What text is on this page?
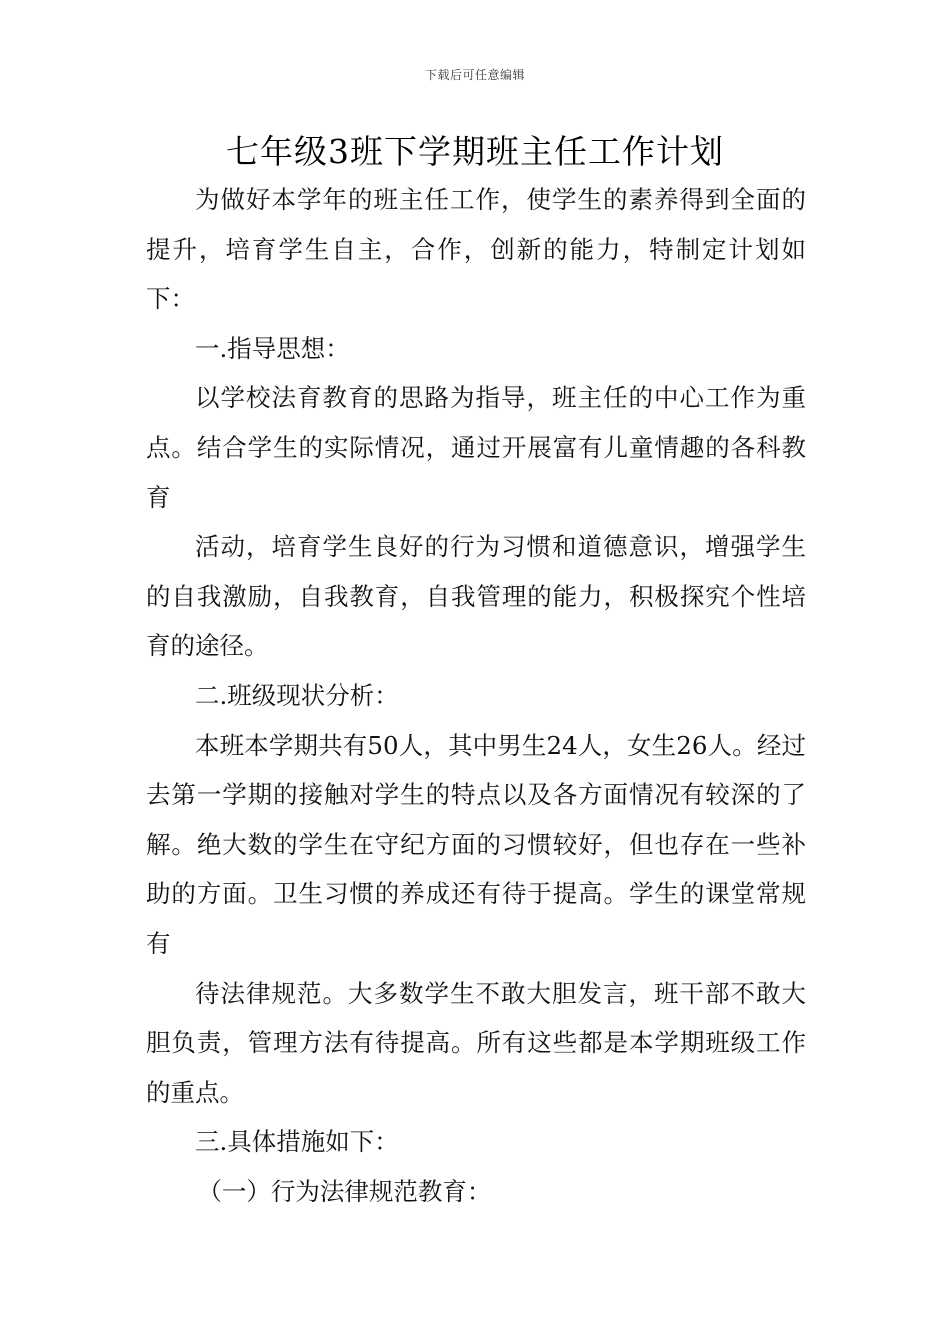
下载后可任意编辑
七年级3班下学期班主任工作计划

为做好本学年的班主任工作，使学生的素养得到全面的提升，培育学生自主，合作，创新的能力，特制定计划如下：

一.指导思想：

以学校法育教育的思路为指导，班主任的中心工作为重点。结合学生的实际情况，通过开展富有儿童情趣的各科教育

活动，培育学生良好的行为习惯和道德意识，增强学生的自我激励，自我教育，自我管理的能力，积极探究个性培育的途径。

二.班级现状分析：

本班本学期共有50人，其中男生24人，女生26人。经过去第一学期的接触对学生的特点以及各方面情况有较深的了解。绝大数的学生在守纪方面的习惯较好，但也存在一些补助的方面。卫生习惯的养成还有待于提高。学生的课堂常规有

待法律规范。大多数学生不敢大胆发言，班干部不敢大胆负责，管理方法有待提高。所有这些都是本学期班级工作的重点。

三.具体措施如下：

（一）行为法律规范教育：
